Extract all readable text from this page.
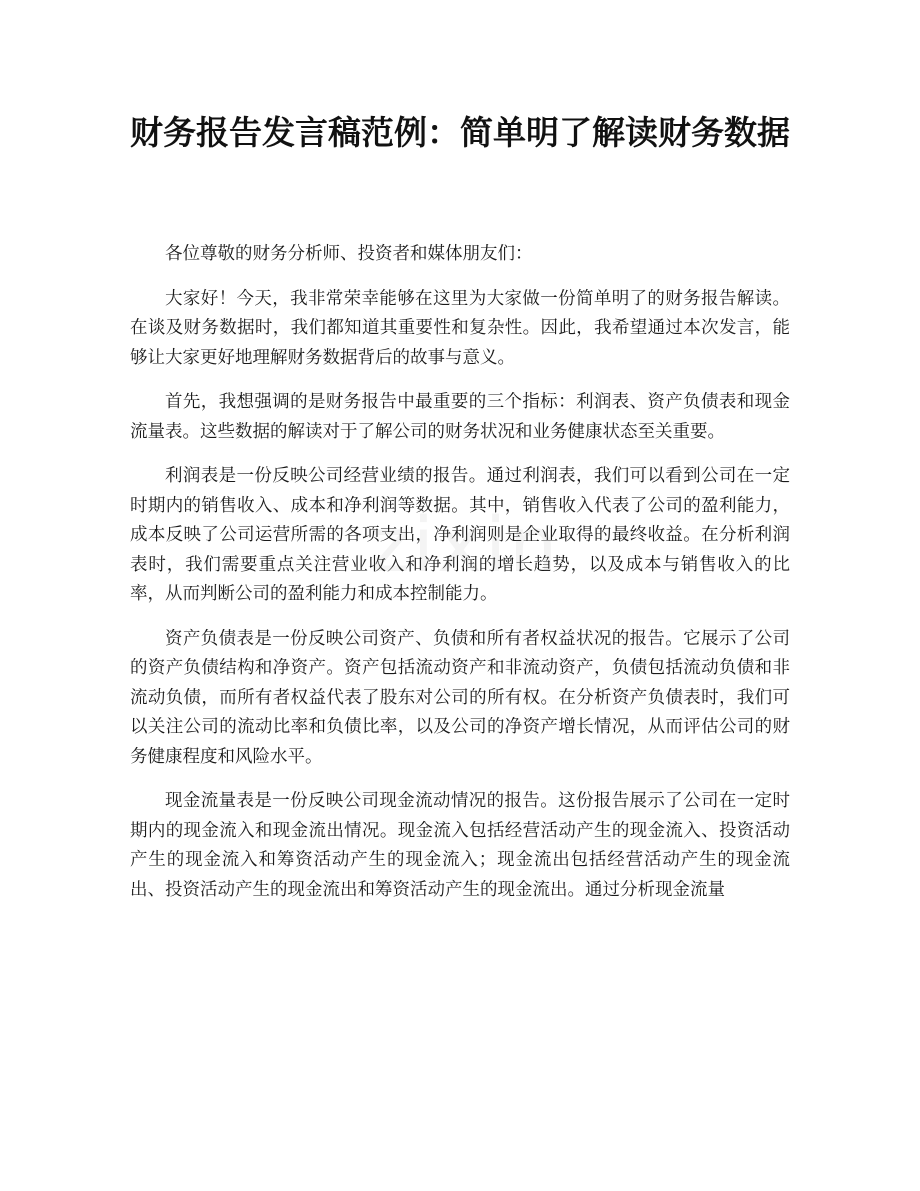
财务报告发言稿范例：简单明了解读财务数据

各位尊敬的财务分析师、投资者和媒体朋友们：

大家好！今天，我非常荣幸能够在这里为大家做一份简单明了的财务报告解读。在谈及财务数据时，我们都知道其重要性和复杂性。因此，我希望通过本次发言，能够让大家更好地理解财务数据背后的故事与意义。

首先，我想强调的是财务报告中最重要的三个指标：利润表、资产负债表和现金流量表。这些数据的解读对于了解公司的财务状况和业务健康状态至关重要。

利润表是一份反映公司经营业绩的报告。通过利润表，我们可以看到公司在一定时期内的销售收入、成本和净利润等数据。其中，销售收入代表了公司的盈利能力，成本反映了公司运营所需的各项支出，净利润则是企业取得的最终收益。在分析利润表时，我们需要重点关注营业收入和净利润的增长趋势，以及成本与销售收入的比率，从而判断公司的盈利能力和成本控制能力。

资产负债表是一份反映公司资产、负债和所有者权益状况的报告。它展示了公司的资产负债结构和净资产。资产包括流动资产和非流动资产，负债包括流动负债和非流动负债，而所有者权益代表了股东对公司的所有权。在分析资产负债表时，我们可以关注公司的流动比率和负债比率，以及公司的净资产增长情况，从而评估公司的财务健康程度和风险水平。

现金流量表是一份反映公司现金流动情况的报告。这份报告展示了公司在一定时期内的现金流入和现金流出情况。现金流入包括经营活动产生的现金流入、投资活动产生的现金流入和筹资活动产生的现金流入；现金流出包括经营活动产生的现金流出、投资活动产生的现金流出和筹资活动产生的现金流出。通过分析现金流量

zixin
